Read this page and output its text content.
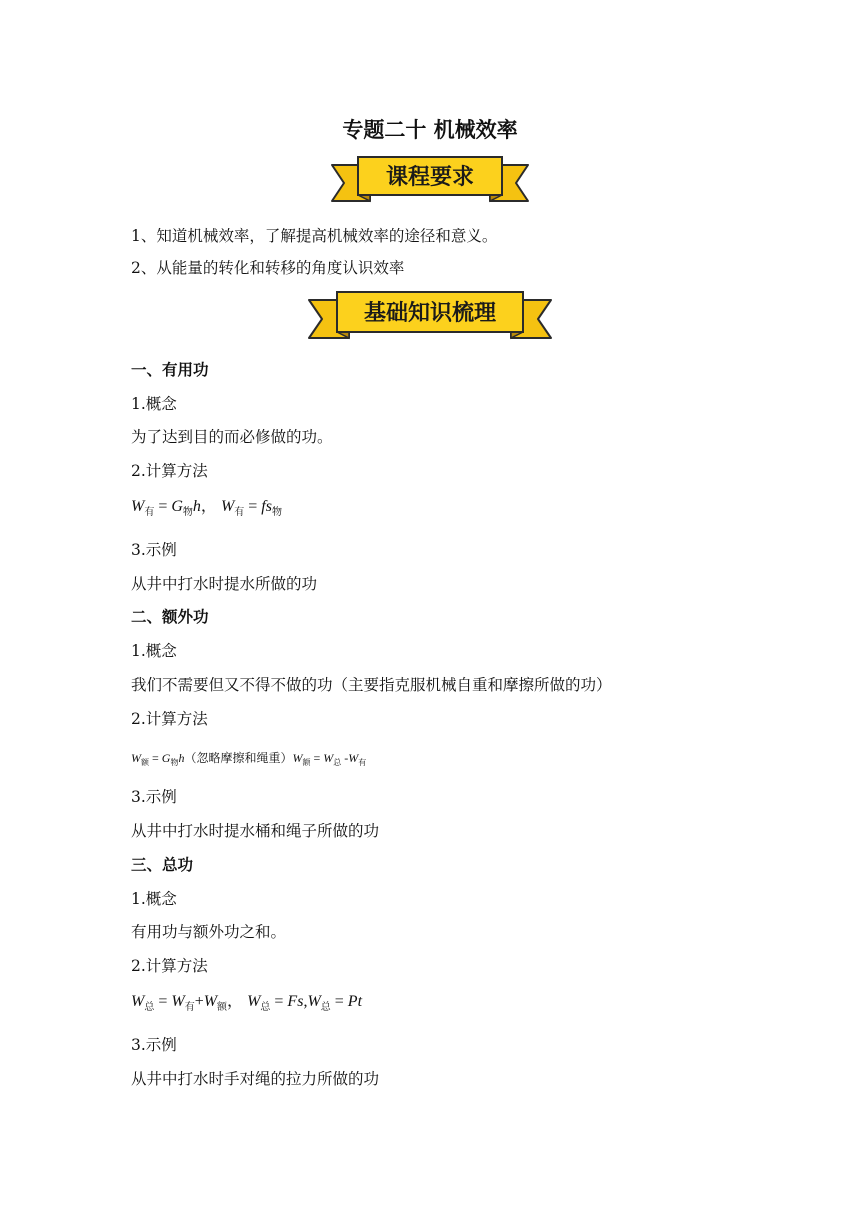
专题二十 机械效率
课程要求
1、知道机械效率，了解提高机械效率的途径和意义。
2、从能量的转化和转移的角度认识效率
基础知识梳理
一、有用功
1.概念
为了达到目的而必修做的功。
2.计算方法
$W_有 = G_物h$， $W_有 = fs_物$
3.示例
从井中打水时提水所做的功
二、额外功
1.概念
我们不需要但又不得不做的功（主要指克服机械自重和摩擦所做的功）
2.计算方法
$W_额 = G_物h$（忽略摩擦和绳重）$W_额 = W_总$ $-W_有$
3.示例
从井中打水时提水桶和绳子所做的功
三、总功
1.概念
有用功与额外功之和。
2.计算方法
$W_总 = W_有+W_额$， $W_总 = Fs,W_总 = Pt$
3.示例
从井中打水时手对绳的拉力所做的功
